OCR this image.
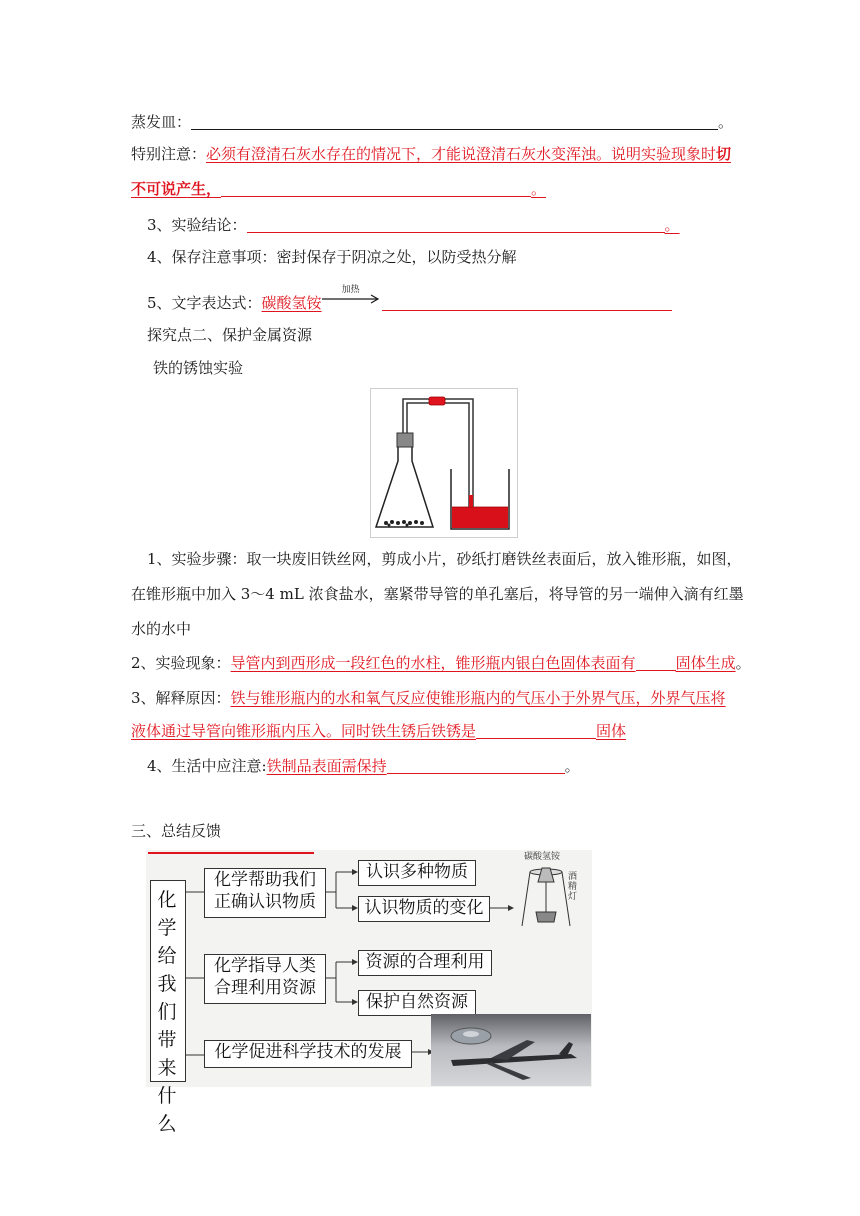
蒸发皿：	。
特别注意：必须有澄清石灰水存在的情况下，才能说澄清石灰水变浑浊。说明实验现象时切
不可说产生，	。
3、实验结论：	。
4、保存注意事项：密封保存于阴凉之处，以防受热分解
5、文字表达式：碳酸氢铵
加热
探究点二、保护金属资源
铁的锈蚀实验
1、实验步骤：取一块废旧铁丝网，剪成小片，砂纸打磨铁丝表面后，放入锥形瓶，如图，
在锥形瓶中加入 3～4 mL 浓食盐水，塞紧带导管的单孔塞后，将导管的另一端伸入滴有红墨
水的水中
2、实验现象：导管内到西形成一段红色的水柱，锥形瓶内银白色固体表面有	固体生成。
3、解释原因：铁与锥形瓶内的水和氧气反应使锥形瓶内的气压小于外界气压，外界气压将
液体通过导管向锥形瓶内压入。同时铁生锈后铁锈是	固体
4、生活中应注意:铁制品表面需保持	。
三、总结反馈
化学给我们带来什么
化学帮助我们
正确认识物质
认识多种物质
认识物质的变化
化学指导人类
合理利用资源
资源的合理利用
保护自然资源
化学促进科学技术的发展
碳酸氢铵
酒精灯
